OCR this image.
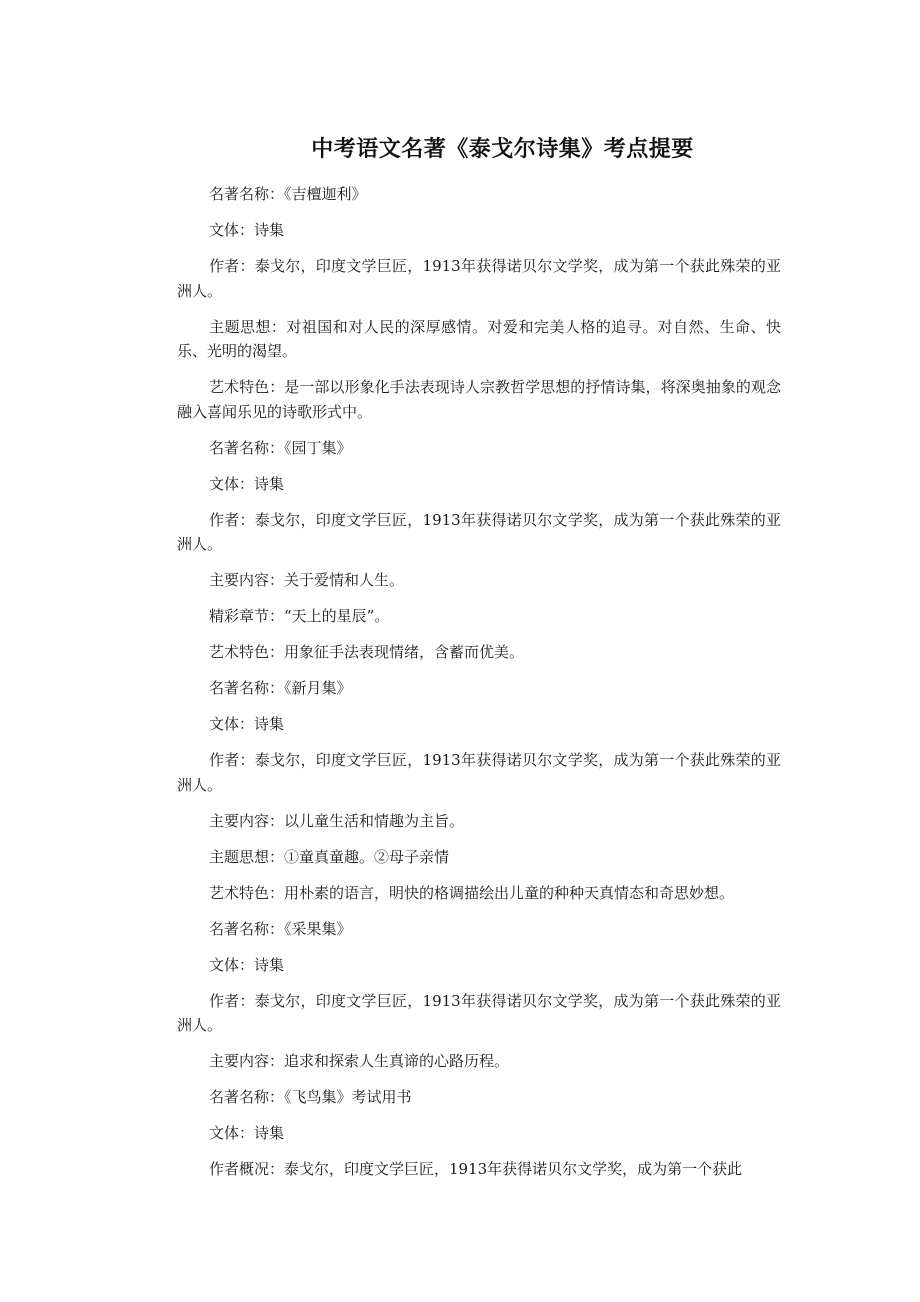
中考语文名著《泰戈尔诗集》考点提要

名著名称：《吉檀迦利》

文体：诗集

作者：泰戈尔，印度文学巨匠，1913年获得诺贝尔文学奖，成为第一个获此殊荣的亚洲人。

主题思想：对祖国和对人民的深厚感情。对爱和完美人格的追寻。对自然、生命、快乐、光明的渴望。

艺术特色：是一部以形象化手法表现诗人宗教哲学思想的抒情诗集，将深奥抽象的观念融入喜闻乐见的诗歌形式中。

名著名称：《园丁集》

文体：诗集

作者：泰戈尔，印度文学巨匠，1913年获得诺贝尔文学奖，成为第一个获此殊荣的亚洲人。

主要内容：关于爱情和人生。

精彩章节：“天上的星辰”。

艺术特色：用象征手法表现情绪，含蓄而优美。

名著名称：《新月集》

文体：诗集

作者：泰戈尔，印度文学巨匠，1913年获得诺贝尔文学奖，成为第一个获此殊荣的亚洲人。

主要内容：以儿童生活和情趣为主旨。

主题思想：①童真童趣。②母子亲情

艺术特色：用朴素的语言，明快的格调描绘出儿童的种种天真情态和奇思妙想。

名著名称：《采果集》

文体：诗集

作者：泰戈尔，印度文学巨匠，1913年获得诺贝尔文学奖，成为第一个获此殊荣的亚洲人。

主要内容：追求和探索人生真谛的心路历程。

名著名称：《飞鸟集》考试用书

文体：诗集

作者概况：泰戈尔，印度文学巨匠，1913年获得诺贝尔文学奖，成为第一个获此
